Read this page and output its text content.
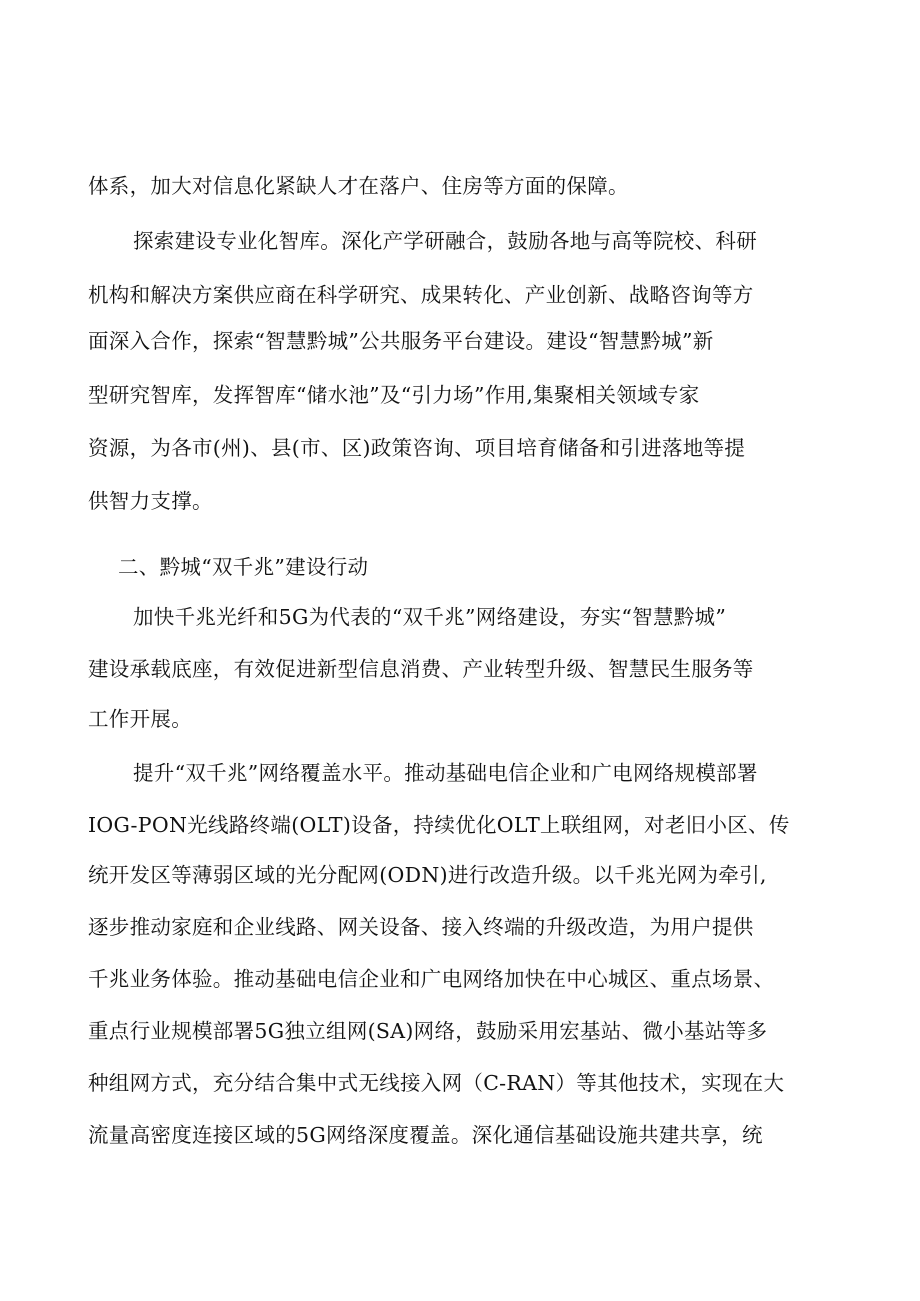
体系，加大对信息化紧缺人才在落户、住房等方面的保障。
探索建设专业化智库。深化产学研融合，鼓励各地与高等院校、科研
机构和解决方案供应商在科学研究、成果转化、产业创新、战略咨询等方
面深入合作，探索“智慧黔城”公共服务平台建设。建设“智慧黔城”新
型研究智库，发挥智库“储水池”及“引力场”作用,集聚相关领域专家
资源，为各市(州)、县(市、区)政策咨询、项目培育储备和引进落地等提
供智力支撑。
二、黔城“双千兆”建设行动
加快千兆光纤和5G为代表的“双千兆”网络建设，夯实“智慧黔城”
建设承载底座，有效促进新型信息消费、产业转型升级、智慧民生服务等
工作开展。
提升“双千兆”网络覆盖水平。推动基础电信企业和广电网络规模部署
IOG-PON光线路终端(OLT)设备，持续优化OLT上联组网，对老旧小区、传
统开发区等薄弱区域的光分配网(ODN)进行改造升级。以千兆光网为牵引,
逐步推动家庭和企业线路、网关设备、接入终端的升级改造，为用户提供
千兆业务体验。推动基础电信企业和广电网络加快在中心城区、重点场景、
重点行业规模部署5G独立组网(SA)网络，鼓励采用宏基站、微小基站等多
种组网方式，充分结合集中式无线接入网（C-RAN）等其他技术，实现在大
流量高密度连接区域的5G网络深度覆盖。深化通信基础设施共建共享，统
